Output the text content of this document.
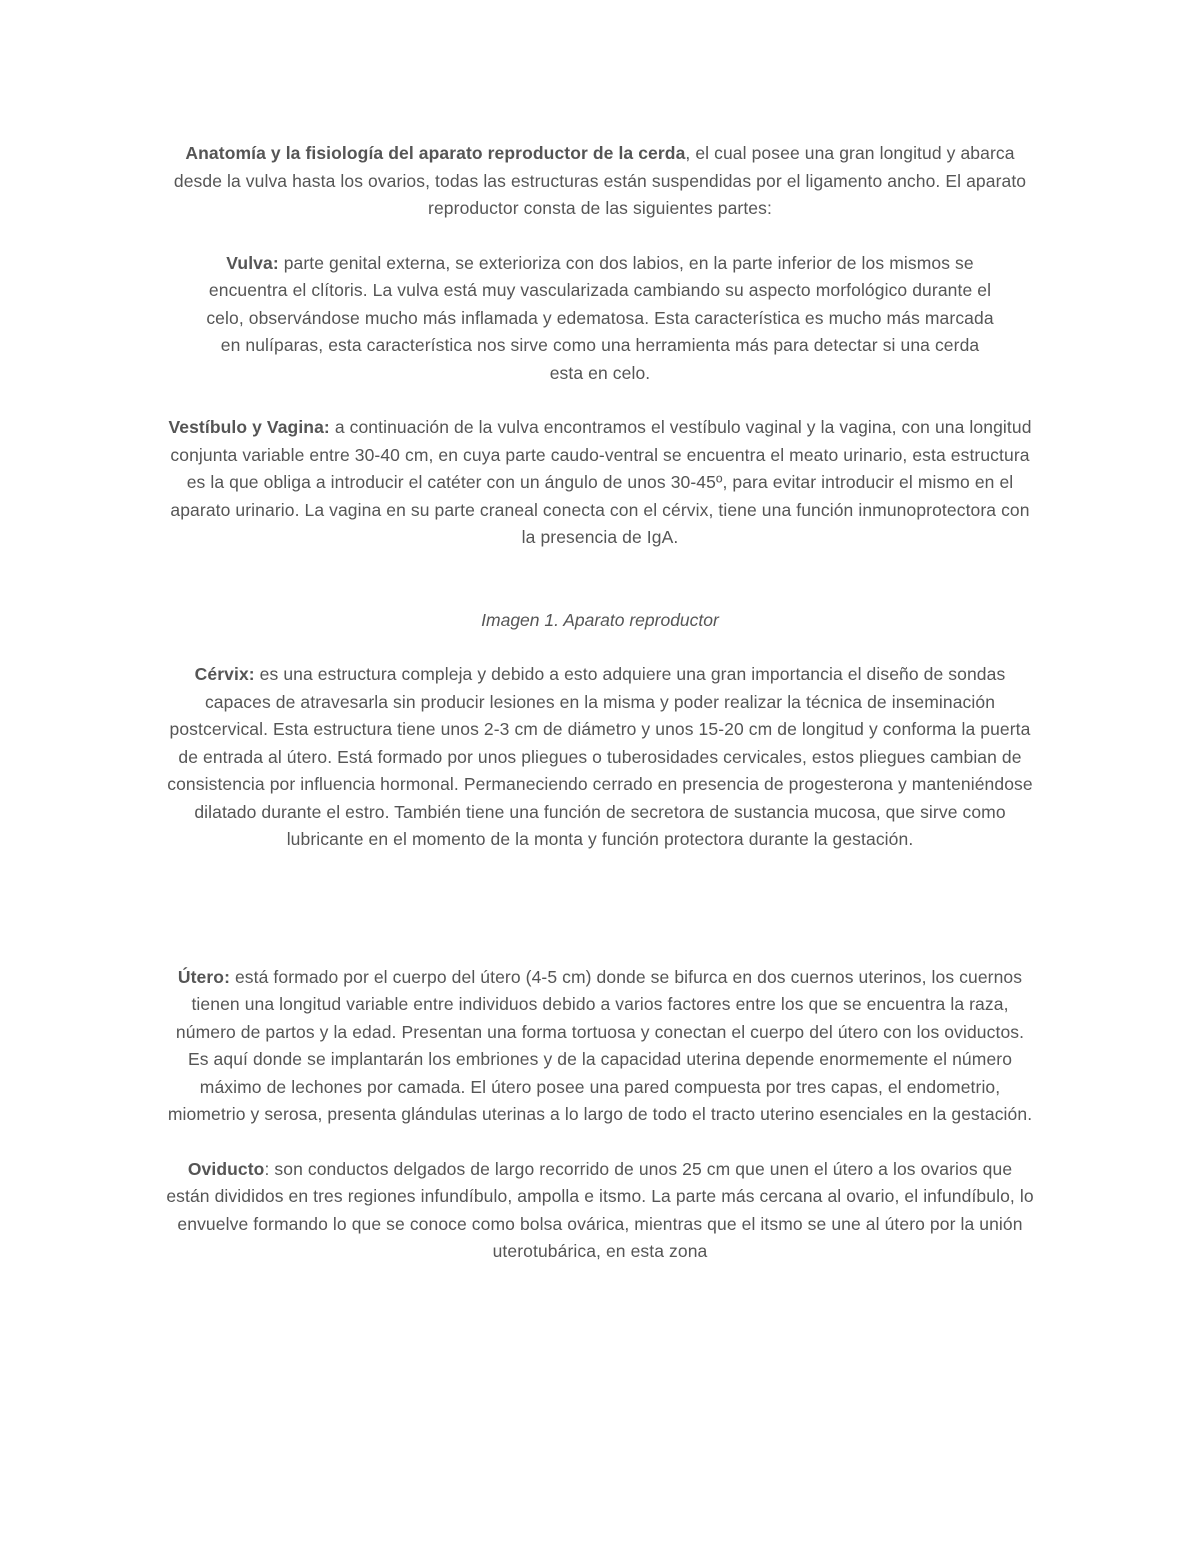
Anatomía y la fisiología del aparato reproductor de la cerda, el cual posee una gran longitud y abarca desde la vulva hasta los ovarios, todas las estructuras están suspendidas por el ligamento ancho. El aparato reproductor consta de las siguientes partes:

Vulva: parte genital externa, se exterioriza con dos labios, en la parte inferior de los mismos se encuentra el clítoris. La vulva está muy vascularizada cambiando su aspecto morfológico durante el celo, observándose mucho más inflamada y edematosa. Esta característica es mucho más marcada en nulíparas, esta característica nos sirve como una herramienta más para detectar si una cerda esta en celo.

Vestíbulo y Vagina: a continuación de la vulva encontramos el vestíbulo vaginal y la vagina, con una longitud conjunta variable entre 30-40 cm, en cuya parte caudo-ventral se encuentra el meato urinario, esta estructura es la que obliga a introducir el catéter con un ángulo de unos 30-45º, para evitar introducir el mismo en el aparato urinario. La vagina en su parte craneal conecta con el cérvix, tiene una función inmunoprotectora con la presencia de IgA.

Imagen 1. Aparato reproductor

Cérvix: es una estructura compleja y debido a esto adquiere una gran importancia el diseño de sondas capaces de atravesarla sin producir lesiones en la misma y poder realizar la técnica de inseminación postcervical. Esta estructura tiene unos 2-3 cm de diámetro y unos 15-20 cm de longitud y conforma la puerta de entrada al útero. Está formado por unos pliegues o tuberosidades cervicales, estos pliegues cambian de consistencia por influencia hormonal. Permaneciendo cerrado en presencia de progesterona y manteniéndose dilatado durante el estro. También tiene una función de secretora de sustancia mucosa, que sirve como lubricante en el momento de la monta y función protectora durante la gestación.

Útero: está formado por el cuerpo del útero (4-5 cm) donde se bifurca en dos cuernos uterinos, los cuernos tienen una longitud variable entre individuos debido a varios factores entre los que se encuentra la raza, número de partos y la edad. Presentan una forma tortuosa y conectan el cuerpo del útero con los oviductos. Es aquí donde se implantarán los embriones y de la capacidad uterina depende enormemente el número máximo de lechones por camada. El útero posee una pared compuesta por tres capas, el endometrio, miometrio y serosa, presenta glándulas uterinas a lo largo de todo el tracto uterino esenciales en la gestación.

Oviducto: son conductos delgados de largo recorrido de unos 25 cm que unen el útero a los ovarios que están divididos en tres regiones infundíbulo, ampolla e itsmo. La parte más cercana al ovario, el infundíbulo, lo envuelve formando lo que se conoce como bolsa ovárica, mientras que el itsmo se une al útero por la unión uterotubárica, en esta zona
